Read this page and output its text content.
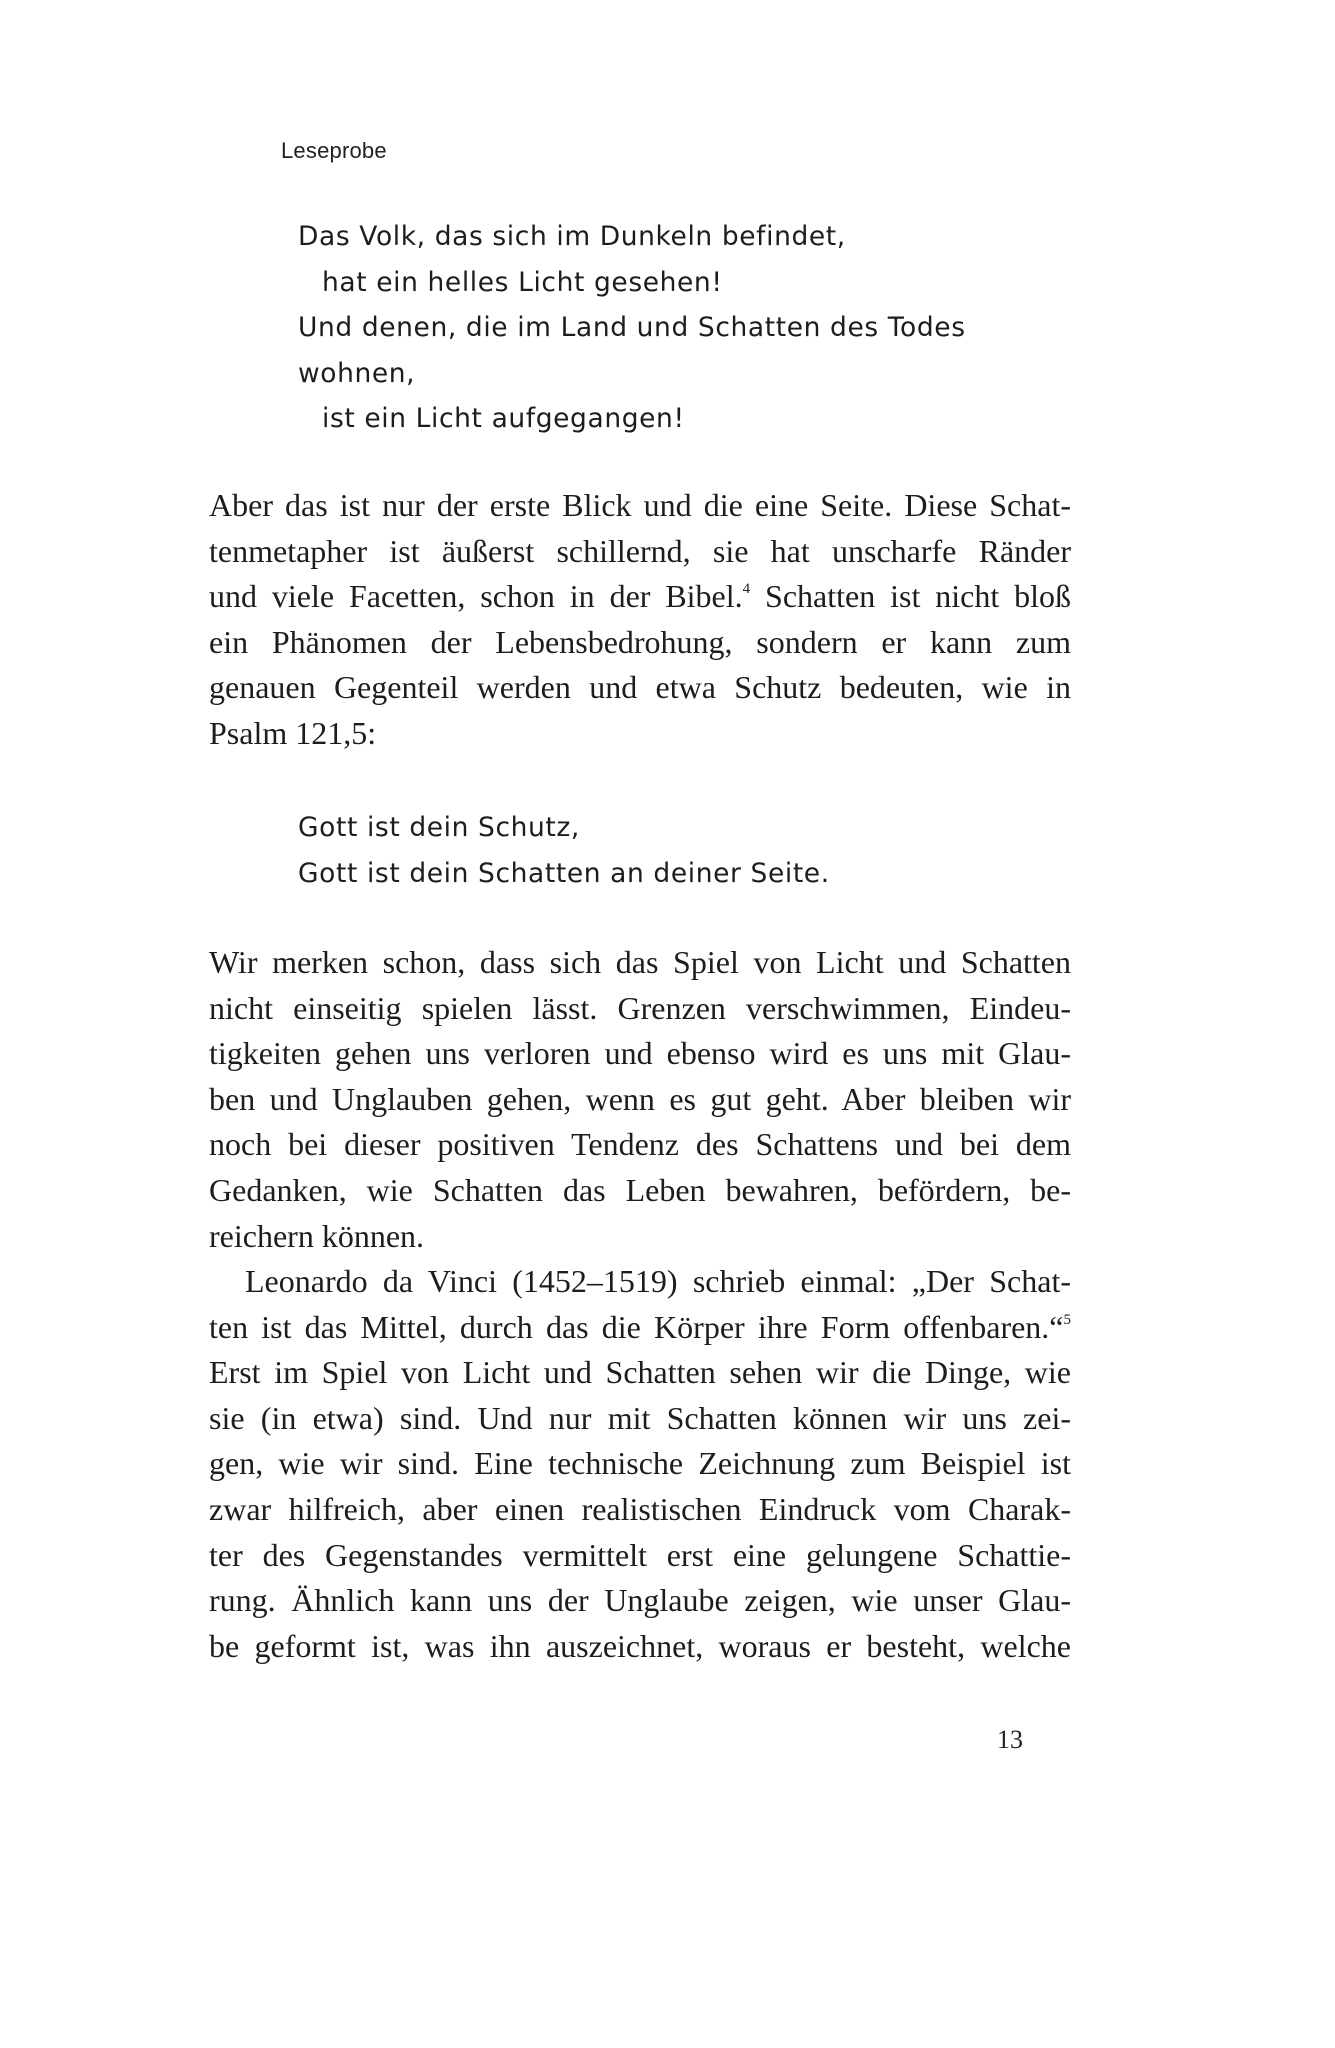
Leseprobe
Das Volk, das sich im Dunkeln befindet,
hat ein helles Licht gesehen!
Und denen, die im Land und Schatten des Todes
wohnen,
ist ein Licht aufgegangen!
Aber das ist nur der erste Blick und die eine Seite. Diese Schat-
tenmetapher ist äußerst schillernd, sie hat unscharfe Ränder
und viele Facetten, schon in der Bibel.$^4$ Schatten ist nicht bloß
ein Phänomen der Lebensbedrohung, sondern er kann zum
genauen Gegenteil werden und etwa Schutz bedeuten, wie in
Psalm 121,5:
Gott ist dein Schutz,
Gott ist dein Schatten an deiner Seite.
Wir merken schon, dass sich das Spiel von Licht und Schatten
nicht einseitig spielen lässt. Grenzen verschwimmen, Eindeu-
tigkeiten gehen uns verloren und ebenso wird es uns mit Glau-
ben und Unglauben gehen, wenn es gut geht. Aber bleiben wir
noch bei dieser positiven Tendenz des Schattens und bei dem
Gedanken, wie Schatten das Leben bewahren, befördern, be-
reichern können.
Leonardo da Vinci (1452–1519) schrieb einmal: „Der Schat-
ten ist das Mittel, durch das die Körper ihre Form offenbaren.“$^5$
Erst im Spiel von Licht und Schatten sehen wir die Dinge, wie
sie (in etwa) sind. Und nur mit Schatten können wir uns zei-
gen, wie wir sind. Eine technische Zeichnung zum Beispiel ist
zwar hilfreich, aber einen realistischen Eindruck vom Charak-
ter des Gegenstandes vermittelt erst eine gelungene Schattie-
rung. Ähnlich kann uns der Unglaube zeigen, wie unser Glau-
be geformt ist, was ihn auszeichnet, woraus er besteht, welche
13
